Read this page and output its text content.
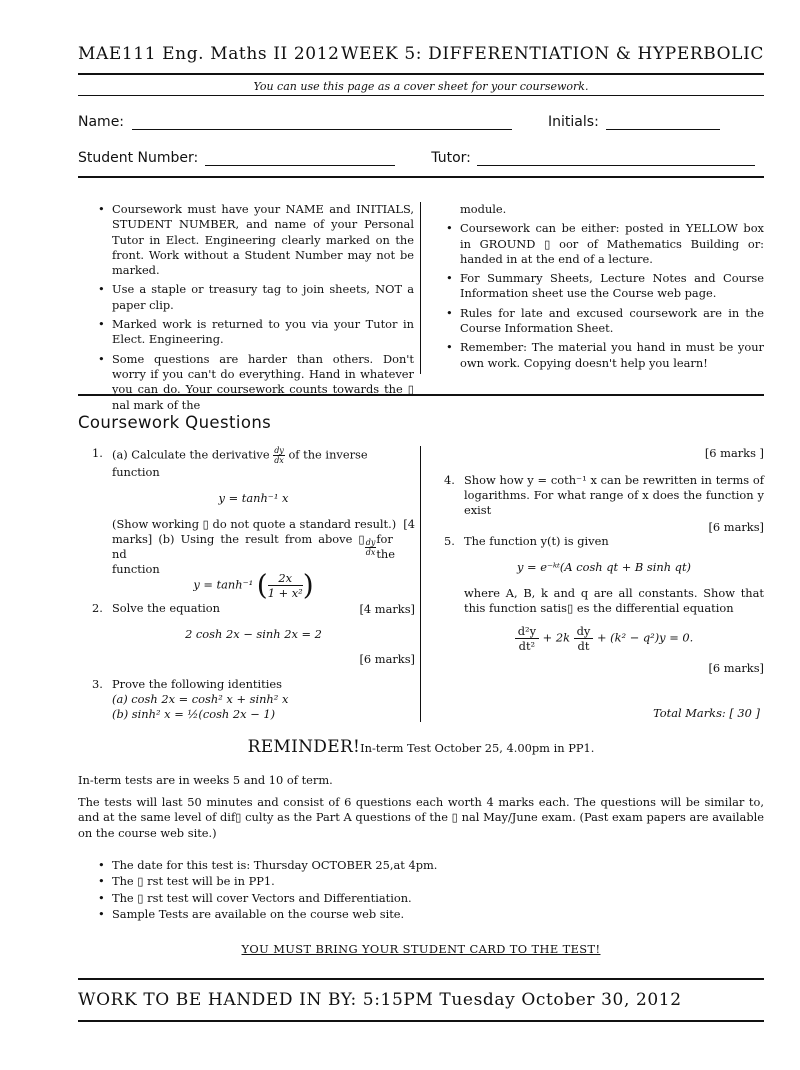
MAE111 Eng. Maths II 2012 WEEK 5: DIFFERENTIATION & HYPERBOLIC
You can use this page as a cover sheet for your coursework.
Name:	Initials:
Student Number:	Tutor:
• Coursework must have your NAME and INITIALS, STUDENT NUMBER, and name of your Personal Tutor in Elect. Engineering clearly marked on the front. Work without a Student Number may not be marked.
• Use a staple or treasury tag to join sheets, NOT a paper clip.
• Marked work is returned to you via your Tutor in Elect. Engineering.
• Some questions are harder than others. Don't worry if you can't do everything. Hand in whatever you can do. Your coursework counts towards the ▯ nal mark of the
module.
• Coursework can be either: posted in YELLOW box in GROUND ▯ oor of Mathematics Building or: handed in at the end of a lecture.
• For Summary Sheets, Lecture Notes and Course Information sheet use the Course web page.
• Rules for late and excused coursework are in the Course Information Sheet.
• Remember: The material you hand in must be your own work. Copying doesn't help you learn!
Coursework Questions
1. (a) Calculate the derivative $\frac{dy}{dx}$ of the inverse function
y = tanh⁻¹ x
(Show working ▯ do not quote a standard result.) [4
marks] (b) Using the result from above ▯ nd	$\frac{dy}{dx}$ for the
function
y = tanh⁻¹ ( $\frac{2x}{\text{1 + x²}}$ )
[4 marks]
2. Solve the equation
2 cosh 2x − sinh 2x = 2
[6 marks]
3. Prove the following identities
(a) cosh 2x = cosh² x + sinh² x
(b) sinh² x = ½(cosh 2x − 1)
[6 marks ]
4. Show how y = coth⁻¹ x can be rewritten in terms of logarithms. For what range of x does the function y exist
[6 marks]
5. The function y(t) is given
y = e⁻ᵏᵗ(A cosh qt + B sinh qt)
where A, B, k and q are all constants. Show that this function satis▯ es the differential equation
$\frac{\text{d²y}}{\text{dt²}} + 2k \frac{dy}{dt} + (k^2 - q^2)y = 0$.
[6 marks]
Total Marks: [ 30 ]
REMINDER!In-term Test October 25, 4.00pm in PP1.
In-term tests are in weeks 5 and 10 of term.
The tests will last 50 minutes and consist of 6 questions each worth 4 marks each. The questions will be similar to, and at the same level of dif▯ culty as the Part A questions of the ▯ nal May/June exam. (Past exam papers are available on the course web site.)
• The date for this test is: Thursday OCTOBER 25,at 4pm.
• The ▯ rst test will be in PP1.
• The ▯ rst test will cover Vectors and Differentiation.
• Sample Tests are available on the course web site.
YOU MUST BRING YOUR STUDENT CARD TO THE TEST!
WORK TO BE HANDED IN BY: 5:15PM Tuesday October 30, 2012
